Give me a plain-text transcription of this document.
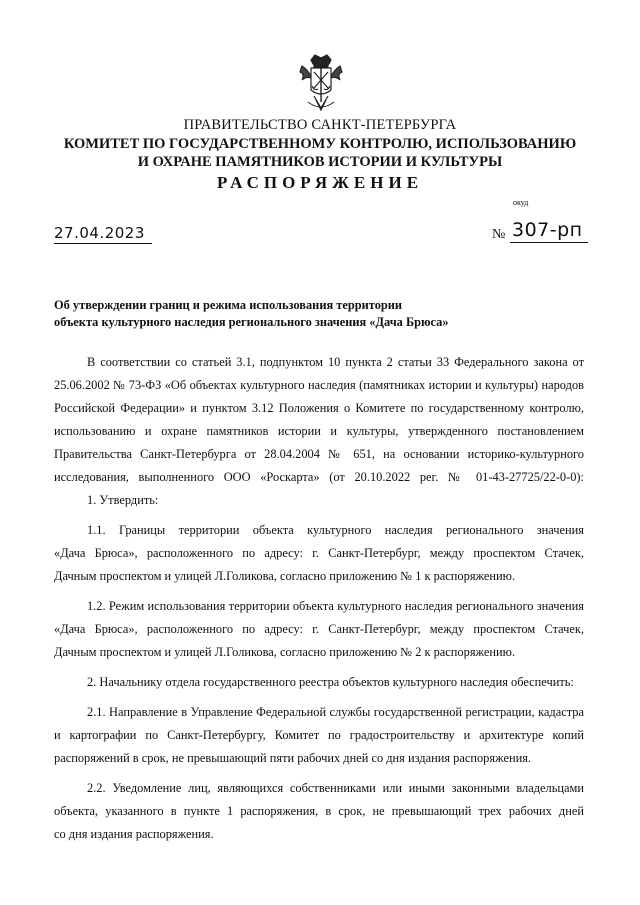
ПРАВИТЕЛЬСТВО САНКТ-ПЕТЕРБУРГА
КОМИТЕТ ПО ГОСУДАРСТВЕННОМУ КОНТРОЛЮ, ИСПОЛЬЗОВАНИЮ
И ОХРАНЕ ПАМЯТНИКОВ ИСТОРИИ И КУЛЬТУРЫ
РАСПОРЯЖЕНИЕ
окуд
27.04.2023	№ 307-рп
Об утверждении границ и режима использования территории
объекта культурного наследия регионального значения «Дача Брюса»
В соответствии со статьей 3.1, подпунктом 10 пункта 2 статьи 33 Федерального закона от
25.06.2002 № 73-ФЗ «Об объектах культурного наследия (памятниках истории и культуры) народов
Российской Федерации» и пунктом 3.12 Положения о Комитете по государственному контролю,
использованию и охране памятников истории и культуры, утвержденного постановлением
Правительства Санкт-Петербурга от 28.04.2004 № 651, на основании историко-культурного
исследования, выполненного ООО «Роскарта» (от 20.10.2022 рег. № 01-43-27725/22-0-0):
1. Утвердить:
1.1. Границы территории объекта культурного наследия регионального значения
«Дача Брюса», расположенного по адресу: г. Санкт-Петербург, между проспектом Стачек,
Дачным проспектом и улицей Л.Голикова, согласно приложению № 1 к распоряжению.
1.2. Режим использования территории объекта культурного наследия регионального значения
«Дача Брюса», расположенного по адресу: г. Санкт-Петербург, между проспектом Стачек,
Дачным проспектом и улицей Л.Голикова, согласно приложению № 2 к распоряжению.
2. Начальнику отдела государственного реестра объектов культурного наследия обеспечить:
2.1. Направление в Управление Федеральной службы государственной регистрации, кадастра
и картографии по Санкт-Петербургу, Комитет по градостроительству и архитектуре копий
распоряжений в срок, не превышающий пяти рабочих дней со дня издания распоряжения.
2.2. Уведомление лиц, являющихся собственниками или иными законными владельцами
объекта, указанного в пункте 1 распоряжения, в срок, не превышающий трех рабочих дней
со дня издания распоряжения.
